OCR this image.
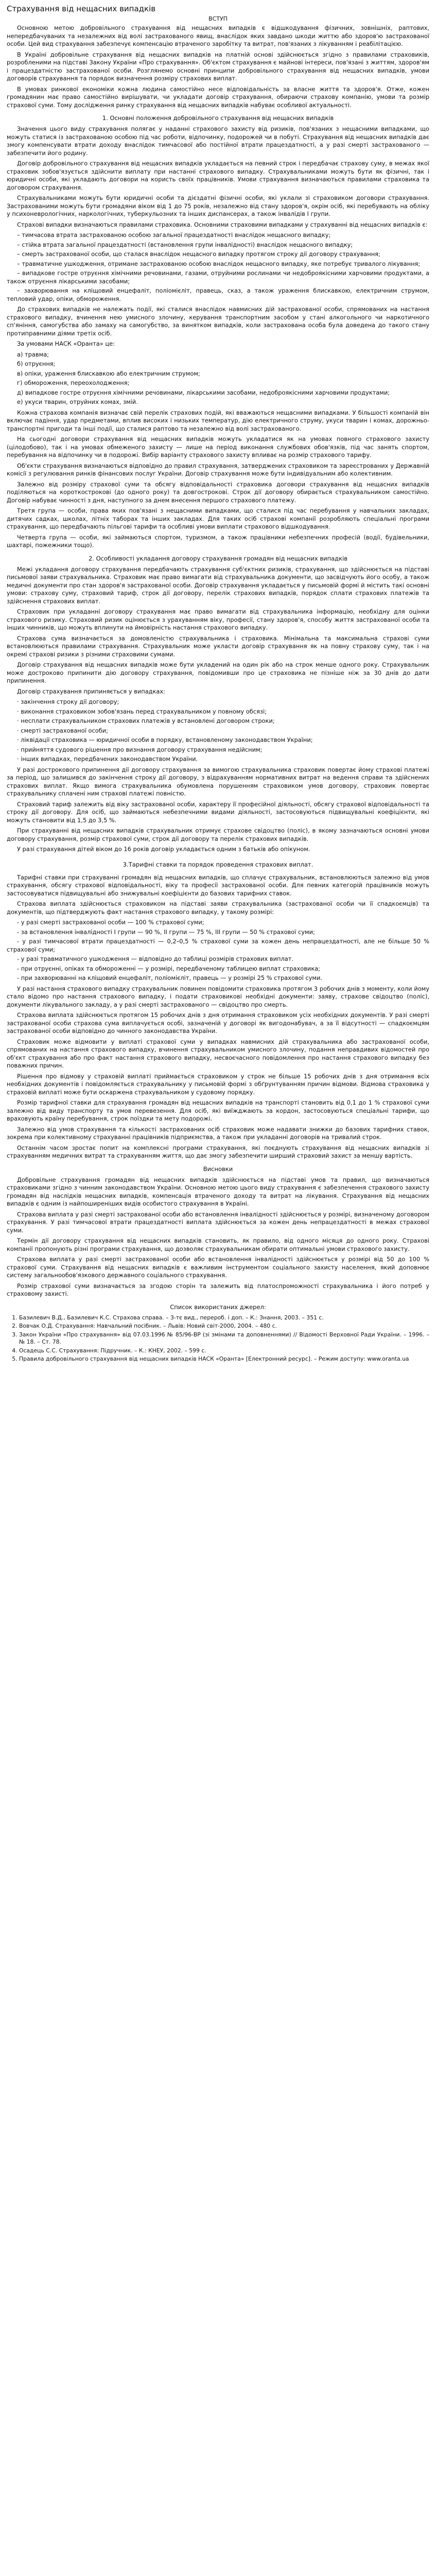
Страхування від нещасних випадків
ВСТУП

Основною метою добровільного страхування від нещасних випадків є відшкодування фізичних, зовнішніх, раптових, непередбачуваних та незалежних від волі застрахованого явищ, внаслідок яких завдано шкоди життю або здоров'ю застрахованої особи. Цей вид страхування забезпечує компенсацію втраченого заробітку та витрат, пов'язаних з лікуванням і реабілітацією.

В Україні добровільне страхування від нещасних випадків на платній основі здійснюється згідно з правилами страховиків, розробленими на підставі Закону України «Про страхування». Об'єктом страхування є майнові інтереси, пов'язані з життям, здоров'ям і працездатністю застрахованої особи. Розглянемо основні принципи добровільного страхування від нещасних випадків, умови договорів страхування та порядок визначення розміру страхових виплат.

В умовах ринкової економіки кожна людина самостійно несе відповідальність за власне життя та здоров'я. Отже, кожен громадянин має право самостійно вирішувати, чи укладати договір страхування, обираючи страхову компанію, умови та розмір страхової суми. Тому дослідження ринку страхування від нещасних випадків набуває особливої актуальності.

1. Основні положення добровільного страхування від нещасних випадків

Значення цього виду страхування полягає у наданні страхового захисту від ризиків, пов'язаних з нещасними випадками, що можуть статися із застрахованою особою під час роботи, відпочинку, подорожей чи в побуті. Страхування від нещасних випадків дає змогу компенсувати втрати доходу внаслідок тимчасової або постійної втрати працездатності, а у разі смерті застрахованого — забезпечити його родину.

Договір добровільного страхування від нещасних випадків укладається на певний строк і передбачає страхову суму, в межах якої страховик зобов'язується здійснити виплату при настанні страхового випадку. Страхувальниками можуть бути як фізичні, так і юридичні особи, які укладають договори на користь своїх працівників. Умови страхування визначаються правилами страховика та договором страхування.

Страхувальниками можуть бути юридичні особи та дієздатні фізичні особи, які уклали зі страховиком договори страхування. Застрахованими можуть бути громадяни віком від 1 до 75 років, незалежно від стану здоров'я, окрім осіб, які перебувають на обліку у психоневрологічних, наркологічних, туберкульозних та інших диспансерах, а також інвалідів I групи.

Страхові випадки визначаються правилами страховика. Основними страховими випадками у страхуванні від нещасних випадків є:

– тимчасова втрата застрахованою особою загальної працездатності внаслідок нещасного випадку;
– стійка втрата загальної працездатності (встановлення групи інвалідності) внаслідок нещасного випадку;
– смерть застрахованої особи, що сталася внаслідок нещасного випадку протягом строку дії договору страхування;
– травматичне ушкодження, отримане застрахованою особою внаслідок нещасного випадку, яке потребує тривалого лікування;
– випадкове гостре отруєння хімічними речовинами, газами, отруйними рослинами чи недоброякісними харчовими продуктами, а також отруєння лікарськими засобами;
– захворювання на кліщовий енцефаліт, поліомієліт, правець, сказ, а також ураження блискавкою, електричним струмом, тепловий удар, опіки, обмороження.

До страхових випадків не належать події, які сталися внаслідок навмисних дій застрахованої особи, спрямованих на настання страхового випадку, вчинення нею умисного злочину, керування транспортним засобом у стані алкогольного чи наркотичного сп'яніння, самогубства або замаху на самогубство, за винятком випадків, коли застрахована особа була доведена до такого стану протиправними діями третіх осіб.

За умовами НАСК «Оранта» це:

а) травма;
б) отруєння;
в) опіки, ураження блискавкою або електричним струмом;
г) обмороження, переохолодження;
д) випадкове гостре отруєння хімічними речовинами, лікарськими засобами, недоброякісними харчовими продуктами;
е) укуси тварин, отруйних комах, змій.

Кожна страхова компанія визначає свій перелік страхових подій, які вважаються нещасними випадками. У більшості компаній він включає падіння, удар предметами, вплив високих і низьких температур, дію електричного струму, укуси тварин і комах, дорожньо-транспортні пригоди та інші події, що сталися раптово та незалежно від волі застрахованого.

На сьогодні договори страхування від нещасних випадків можуть укладатися як на умовах повного страхового захисту (цілодобово), так і на умовах обмеженого захисту — лише на період виконання службових обов'язків, під час занять спортом, перебування на відпочинку чи в подорожі. Вибір варіанту страхового захисту впливає на розмір страхового тарифу.

Об'єкти страхування визначаються відповідно до правил страхування, затверджених страховиком та зареєстрованих у Державній комісії з регулювання ринків фінансових послуг України. Договір страхування може бути індивідуальним або колективним.

Залежно від розміру страхової суми та обсягу відповідальності страховика договори страхування від нещасних випадків поділяються на короткострокові (до одного року) та довгострокові. Строк дії договору обирається страхувальником самостійно. Договір набуває чинності з дня, наступного за днем внесення першого страхового платежу.

Третя група — особи, права яких пов'язані з нещасними випадками, що сталися під час перебування у навчальних закладах, дитячих садках, школах, літніх таборах та інших закладах. Для таких осіб страхові компанії розробляють спеціальні програми страхування, що передбачають пільгові тарифи та особливі умови виплати страхового відшкодування.

Четверта група — особи, які займаються спортом, туризмом, а також працівники небезпечних професій (водії, будівельники, шахтарі, пожежники тощо).

2. Особливості укладання договору страхування громадян від нещасних випадків

Межі укладання договору страхування передбачають страхування суб'єктних ризиків, страхування, що здійснюється на підставі письмової заяви страхувальника. Страховик має право вимагати від страхувальника документи, що засвідчують його особу, а також медичні документи про стан здоров'я застрахованої особи. Договір страхування укладається у письмовій формі й містить такі основні умови: страхову суму, страховий тариф, строк дії договору, перелік страхових випадків, порядок сплати страхових платежів та здійснення страхових виплат.

Страховик при укладанні договору страхування має право вимагати від страхувальника інформацію, необхідну для оцінки страхового ризику. Страховий ризик оцінюється з урахуванням віку, професії, стану здоров'я, способу життя застрахованої особи та інших чинників, що можуть вплинути на ймовірність настання страхового випадку.

Страхова сума визначається за домовленістю страхувальника і страховика. Мінімальна та максимальна страхові суми встановлюються правилами страхування. Страхувальник може укласти договір страхування як на повну страхову суму, так і на окремі страхові ризики з різними страховими сумами.

Договір страхування від нещасних випадків може бути укладений на один рік або на строк менше одного року. Страхувальник може достроково припинити дію договору страхування, повідомивши про це страховика не пізніше ніж за 30 днів до дати припинення.

Договір страхування припиняється у випадках:

· закінчення строку дії договору;
· виконання страховиком зобов'язань перед страхувальником у повному обсязі;
· несплати страхувальником страхових платежів у встановлені договором строки;
· смерті застрахованої особи;
· ліквідації страховика — юридичної особи в порядку, встановленому законодавством України;
· прийняття судового рішення про визнання договору страхування недійсним;
· інших випадках, передбачених законодавством України.

У разі дострокового припинення дії договору страхування за вимогою страхувальника страховик повертає йому страхові платежі за період, що залишився до закінчення строку дії договору, з відрахуванням нормативних витрат на ведення справи та здійснених страхових виплат. Якщо вимога страхувальника обумовлена порушенням страховиком умов договору, страховик повертає страхувальнику сплачені ним страхові платежі повністю.

Страховий тариф залежить від віку застрахованої особи, характеру її професійної діяльності, обсягу страхової відповідальності та строку дії договору. Для осіб, що займаються небезпечними видами діяльності, застосовуються підвищувальні коефіцієнти, які можуть становити від 1,5 до 3,5 %.

При страхуванні від нещасних випадків страхувальник отримує страхове свідоцтво (поліс), в якому зазначаються основні умови договору страхування, розмір страхової суми, строк дії договору та перелік страхових випадків.

У разі страхування дітей віком до 16 років договір укладається одним з батьків або опікуном.

3.Тарифні ставки та порядок проведення страхових виплат.

Тарифні ставки при страхуванні громадян від нещасних випадків, що сплачує страхувальник, встановлюються залежно від умов страхування, обсягу страхової відповідальності, віку та професії застрахованої особи. Для певних категорій працівників можуть застосовуватися підвищувальні або знижувальні коефіцієнти до базових тарифних ставок.

Страхова виплата здійснюється страховиком на підставі заяви страхувальника (застрахованої особи чи її спадкоємців) та документів, що підтверджують факт настання страхового випадку, у такому розмірі:

- у разі смерті застрахованої особи — 100 % страхової суми;
- за встановлення інвалідності I групи — 90 %, II групи — 75 %, III групи — 50 % страхової суми;
- у разі тимчасової втрати працездатності — 0,2–0,5 % страхової суми за кожен день непрацездатності, але не більше 50 % страхової суми;
- у разі травматичного ушкодження — відповідно до таблиці розмірів страхових виплат.
- при отруєнні, опіках та обмороженні — у розмірі, передбаченому таблицею виплат страховика;
- при захворюванні на кліщовий енцефаліт, поліомієліт, правець — у розмірі 25 % страхової суми.

У разі настання страхового випадку страхувальник повинен повідомити страховика протягом 3 робочих днів з моменту, коли йому стало відомо про настання страхового випадку, і подати страховикові необхідні документи: заяву, страхове свідоцтво (поліс), документи лікувального закладу, а у разі смерті застрахованого — свідоцтво про смерть.

Страхова виплата здійснюється протягом 15 робочих днів з дня отримання страховиком усіх необхідних документів. У разі смерті застрахованої особи страхова сума виплачується особі, зазначеній у договорі як вигодонабувач, а за її відсутності — спадкоємцям застрахованої особи відповідно до чинного законодавства України.

Страховик може відмовити у виплаті страхової суми у випадках навмисних дій страхувальника або застрахованої особи, спрямованих на настання страхового випадку, вчинення страхувальником умисного злочину, подання неправдивих відомостей про об'єкт страхування або про факт настання страхового випадку, несвоєчасного повідомлення про настання страхового випадку без поважних причин.

Рішення про відмову у страховій виплаті приймається страховиком у строк не більше 15 робочих днів з дня отримання всіх необхідних документів і повідомляється страхувальнику у письмовій формі з обґрунтуванням причин відмови. Відмова страховика у страховій виплаті може бути оскаржена страхувальником у судовому порядку.

Розмір тарифної ставки для страхування громадян від нещасних випадків на транспорті становить від 0,1 до 1 % страхової суми залежно від виду транспорту та умов перевезення. Для осіб, які виїжджають за кордон, застосовуються спеціальні тарифи, що враховують країну перебування, строк поїздки та мету подорожі.

Залежно від умов страхування та кількості застрахованих осіб страховик може надавати знижки до базових тарифних ставок, зокрема при колективному страхуванні працівників підприємства, а також при укладанні договорів на тривалий строк.

Останнім часом зростає попит на комплексні програми страхування, які поєднують страхування від нещасних випадків зі страхуванням медичних витрат та страхуванням життя, що дає змогу забезпечити ширший страховий захист за меншу вартість.

Висновки

Добровільне страхування громадян від нещасних випадків здійснюється на підставі умов та правил, що визначаються страховиками згідно з чинним законодавством України. Основною метою цього виду страхування є забезпечення страхового захисту громадян від наслідків нещасних випадків, компенсація втраченого доходу та витрат на лікування. Страхування від нещасних випадків є одним із найпоширеніших видів особистого страхування в Україні.

Страхова виплата у разі смерті застрахованої особи або встановлення інвалідності здійснюється у розмірі, визначеному договором страхування. У разі тимчасової втрати працездатності виплата здійснюється за кожен день непрацездатності в межах страхової суми.

Термін дії договору страхування від нещасних випадків становить, як правило, від одного місяця до одного року. Страхові компанії пропонують різні програми страхування, що дозволяє страхувальникам обирати оптимальні умови страхового захисту.

Страхова виплата у разі смерті застрахованої особи або встановлення інвалідності здійснюється у розмірі від 50 до 100 % страхової суми. Страхування від нещасних випадків є важливим інструментом соціального захисту населення, який доповнює систему загальнообов'язкового державного соціального страхування.

Розмір страхової суми визначається за згодою сторін та залежить від платоспроможності страхувальника і його потреб у страховому захисті.

Список використаних джерел:
1. Базилевич В.Д., Базилевич К.С. Страхова справа. – 3-тє вид., перероб. і доп. – К.: Знання, 2003. – 351 с.
2. Вовчак О.Д. Страхування: Навчальний посібник. – Львів: Новий світ-2000, 2004. – 480 с.
3. Закон України «Про страхування» від 07.03.1996 № 85/96-ВР (зі змінами та доповненнями) // Відомості Верховної Ради України. – 1996. – № 18. – Ст. 78.
4. Осадець С.С. Страхування: Підручник. – К.: КНЕУ, 2002. – 599 с.
5. Правила добровільного страхування від нещасних випадків НАСК «Оранта» [Електронний ресурс]. – Режим доступу: www.oranta.ua
